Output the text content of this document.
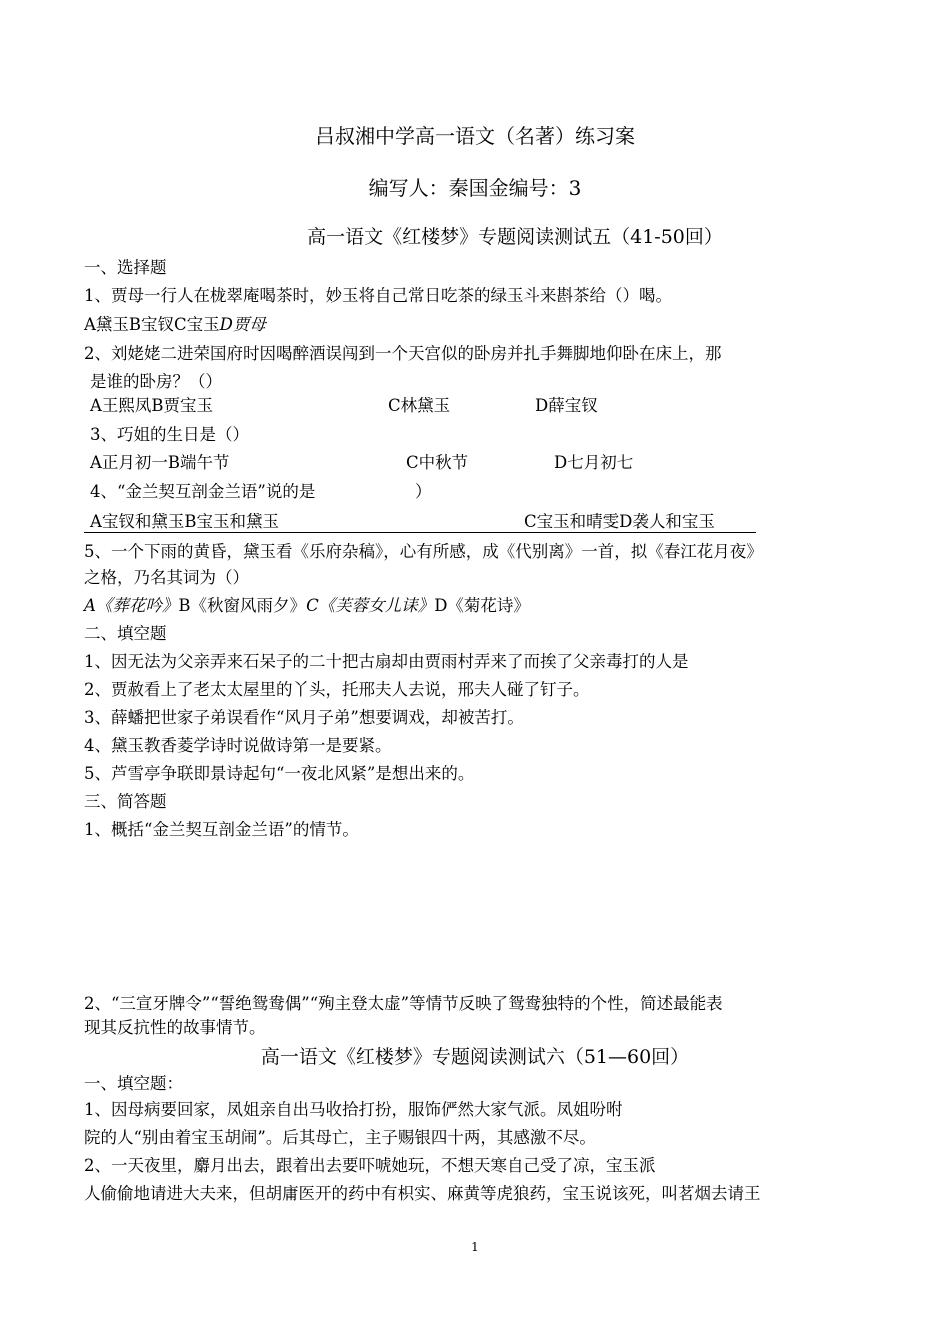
吕叔湘中学高一语文（名著）练习案
编写人：秦国金编号：3
高一语文《红楼梦》专题阅读测试五（41-50回）
一、选择题
1、贾母一行人在栊翠庵喝茶时，妙玉将自己常日吃茶的绿玉斗来斟茶给（）喝。
A黛玉B宝钗C宝玉D贾母
2、刘姥姥二进荣国府时因喝醉酒误闯到一个天宫似的卧房并扎手舞脚地仰卧在床上，那
是谁的卧房？（）
A王熙凤B贾宝玉	C林黛玉	D薛宝钗
3、巧姐的生日是（）
A正月初一B端午节	C中秋节	D七月初七
4、“金兰契互剖金兰语”说的是	）
A宝钗和黛玉B宝玉和黛玉	C宝玉和晴雯D袭人和宝玉
5、一个下雨的黄昏，黛玉看《乐府杂稿》，心有所感，成《代别离》一首，拟《春江花月夜》
之格，乃名其词为（）
A《葬花吟》B《秋窗风雨夕》C《芙蓉女儿诔》D《菊花诗》
二、填空题
1、因无法为父亲弄来石呆子的二十把古扇却由贾雨村弄来了而挨了父亲毒打的人是
2、贾赦看上了老太太屋里的丫头，托邢夫人去说，邢夫人碰了钉子。
3、薛蟠把世家子弟误看作“风月子弟”想要调戏，却被苦打。
4、黛玉教香菱学诗时说做诗第一是要紧。
5、芦雪亭争联即景诗起句“一夜北风紧”是想出来的。
三、简答题
1、概括“金兰契互剖金兰语”的情节。
2、“三宣牙牌令”“誓绝鸳鸯偶”“殉主登太虚”等情节反映了鸳鸯独特的个性，简述最能表
现其反抗性的故事情节。
高一语文《红楼梦》专题阅读测试六（51—60回）
一、填空题：
1、因母病要回家，凤姐亲自出马收拾打扮，服饰俨然大家气派。凤姐吩咐
院的人“别由着宝玉胡闹”。后其母亡，主子赐银四十两，其感激不尽。
2、一天夜里，麝月出去，跟着出去要吓唬她玩，不想天寒自己受了凉，宝玉派
人偷偷地请进大夫来，但胡庸医开的药中有枳实、麻黄等虎狼药，宝玉说该死，叫茗烟去请王
1
